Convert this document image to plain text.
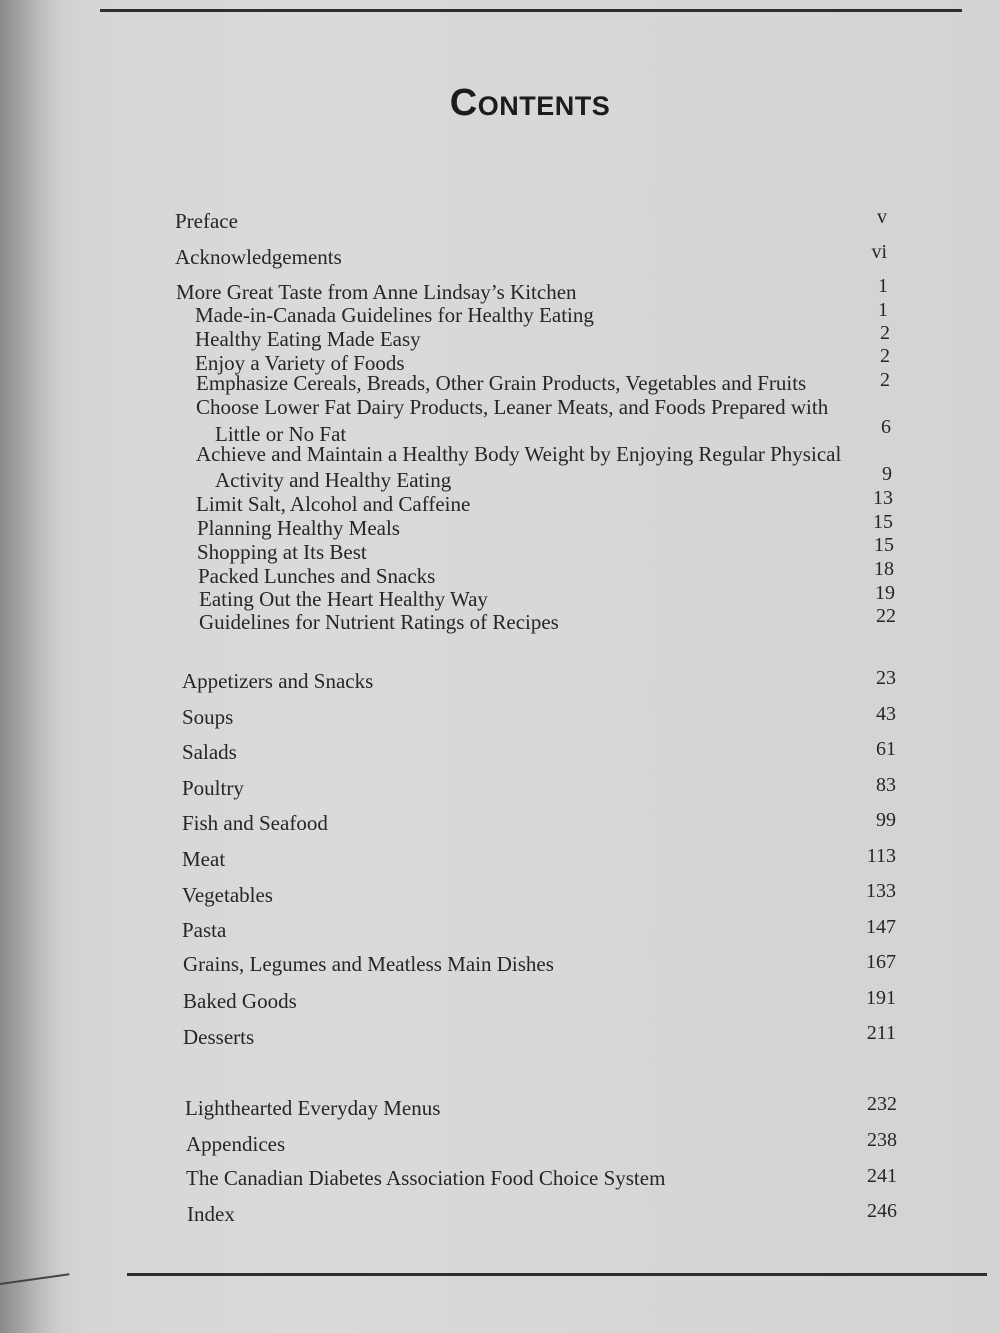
Contents
Preface	v
Acknowledgements	vi
More Great Taste from Anne Lindsay’s Kitchen	1
Made-in-Canada Guidelines for Healthy Eating	1
Healthy Eating Made Easy	2
Enjoy a Variety of Foods	2
Emphasize Cereals, Breads, Other Grain Products, Vegetables and Fruits	2
Choose Lower Fat Dairy Products, Leaner Meats, and Foods Prepared with
Little or No Fat	6
Achieve and Maintain a Healthy Body Weight by Enjoying Regular Physical
Activity and Healthy Eating	9
Limit Salt, Alcohol and Caffeine	13
Planning Healthy Meals	15
Shopping at Its Best	15
Packed Lunches and Snacks	18
Eating Out the Heart Healthy Way	19
Guidelines for Nutrient Ratings of Recipes	22
Appetizers and Snacks	23
Soups	43
Salads	61
Poultry	83
Fish and Seafood	99
Meat	113
Vegetables	133
Pasta	147
Grains, Legumes and Meatless Main Dishes	167
Baked Goods	191
Desserts	211
Lighthearted Everyday Menus	232
Appendices	238
The Canadian Diabetes Association Food Choice System	241
Index	246
